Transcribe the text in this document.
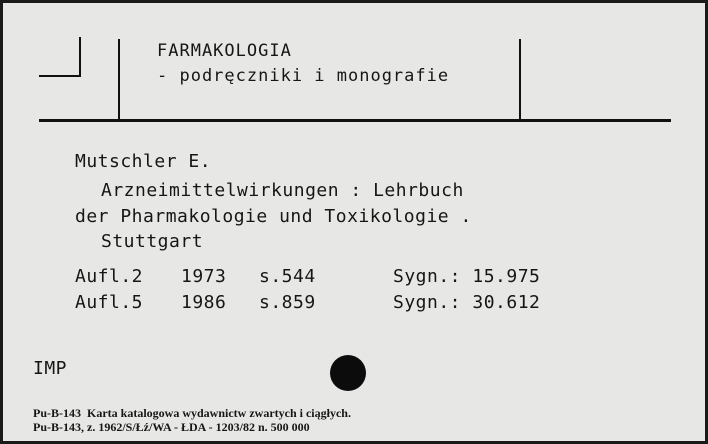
FARMAKOLOGIA
- podręczniki i monografie
Mutschler E.
Arzneimittelwirkungen : Lehrbuch
der Pharmakologie und Toxikologie .
Stuttgart
Aufl.2 1973 s.544	Sygn.: 15.975
Aufl.5 1986 s.859	Sygn.: 30.612
IMP
Pu-B-143  Karta katalogowa wydawnictw zwartych i ciągłych.
Pu-B-143, z. 1962/S/Łź/WA - ŁDA - 1203/82 n. 500 000
